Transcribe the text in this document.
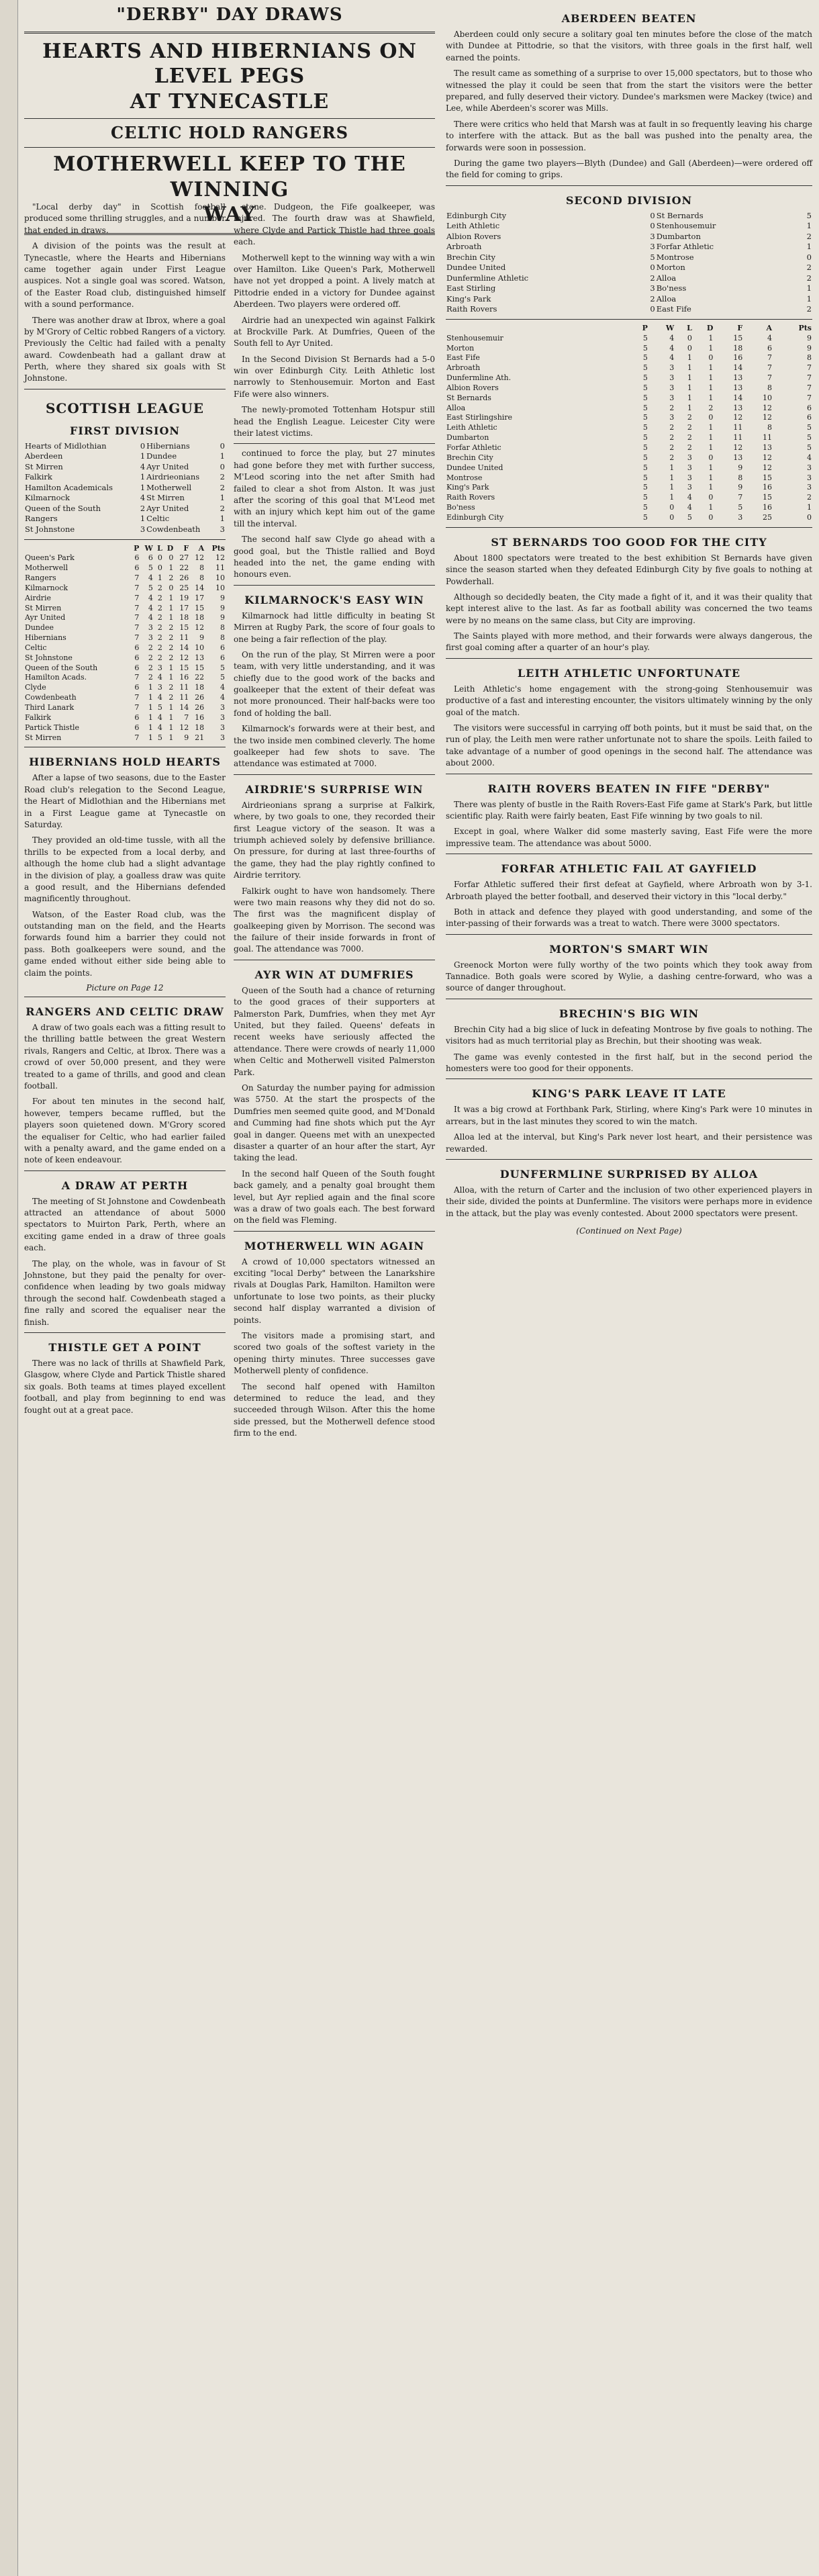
"DERBY" DAY DRAWS
HEARTS AND HIBERNIANS ON LEVEL PEGS
AT TYNECASTLE
CELTIC HOLD RANGERS
MOTHERWELL KEEP TO THE WINNING
WAY

"Local derby day" in Scottish football produced some thrilling struggles, and a number that ended in draws.

A division of the points was the result at Tynecastle, where the Hearts and Hibernians came together again under First League auspices. Not a single goal was scored. Watson, of the Easter Road club, distinguished himself with a sound performance.

There was another draw at Ibrox, where a goal by M'Grory of Celtic robbed Rangers of a victory. Previously the Celtic had failed with a penalty award. Cowdenbeath had a gallant draw at Perth, where they shared six goals with St Johnstone.

SCOTTISH LEAGUE
FIRST DIVISION
Hearts of Midlothian	0	Hibernians	0
Aberdeen	1	Dundee	1
St Mirren	4	Ayr United	0
Falkirk	1	Airdrieonians	2
Hamilton Academicals	1	Motherwell	2
Kilmarnock	4	St Mirren	1
Queen of the South	2	Ayr United	2
Rangers	1	Celtic	1
St Johnstone	3	Cowdenbeath	3
	P	W	L	D	F	A	Pts
Queen's Park	6	6	0	0	27	12	12
Motherwell	6	5	0	1	22	8	11
Rangers	7	4	1	2	26	8	10
Kilmarnock	7	5	2	0	25	14	10
Airdrie	7	4	2	1	19	17	9
St Mirren	7	4	2	1	17	15	9
Ayr United	7	4	2	1	18	18	9
Dundee	7	3	2	2	15	12	8
Hibernians	7	3	2	2	11	9	8
Celtic	6	2	2	2	14	10	6
St Johnstone	6	2	2	2	12	13	6
Queen of the South	6	2	3	1	15	15	5
Hamilton Acads.	7	2	4	1	16	22	5
Clyde	6	1	3	2	11	18	4
Cowdenbeath	7	1	4	2	11	26	4
Third Lanark	7	1	5	1	14	26	3
Falkirk	6	1	4	1	7	16	3
Partick Thistle	6	1	4	1	12	18	3
St Mirren	7	1	5	1	9	21	3
HIBERNIANS HOLD HEARTS

After a lapse of two seasons, due to the Easter Road club's relegation to the Second League, the Heart of Midlothian and the Hibernians met in a First League game at Tynecastle on Saturday.

They provided an old-time tussle, with all the thrills to be expected from a local derby, and although the home club had a slight advantage in the division of play, a goalless draw was quite a good result, and the Hibernians defended magnificently throughout.

Watson, of the Easter Road club, was the outstanding man on the field, and the Hearts forwards found him a barrier they could not pass. Both goalkeepers were sound, and the game ended without either side being able to claim the points.

Picture on Page 12
RANGERS AND CELTIC DRAW

A draw of two goals each was a fitting result to the thrilling battle between the great Western rivals, Rangers and Celtic, at Ibrox. There was a crowd of over 50,000 present, and they were treated to a game of thrills, and good and clean football.

For about ten minutes in the second half, however, tempers became ruffled, but the players soon quietened down. M'Grory scored the equaliser for Celtic, who had earlier failed with a penalty award, and the game ended on a note of keen endeavour.

A DRAW AT PERTH

The meeting of St Johnstone and Cowdenbeath attracted an attendance of about 5000 spectators to Muirton Park, Perth, where an exciting game ended in a draw of three goals each.

The play, on the whole, was in favour of St Johnstone, but they paid the penalty for over-confidence when leading by two goals midway through the second half. Cowdenbeath staged a fine rally and scored the equaliser near the finish.

THISTLE GET A POINT

There was no lack of thrills at Shawfield Park, Glasgow, where Clyde and Partick Thistle shared six goals. Both teams at times played excellent football, and play from beginning to end was fought out at a great pace.

stone. Dudgeon, the Fife goalkeeper, was injured. The fourth draw was at Shawfield, where Clyde and Partick Thistle had three goals each.

Motherwell kept to the winning way with a win over Hamilton. Like Queen's Park, Motherwell have not yet dropped a point. A lively match at Pittodrie ended in a victory for Dundee against Aberdeen. Two players were ordered off.

Airdrie had an unexpected win against Falkirk at Brockville Park. At Dumfries, Queen of the South fell to Ayr United.

In the Second Division St Bernards had a 5-0 win over Edinburgh City. Leith Athletic lost narrowly to Stenhousemuir. Morton and East Fife were also winners.

The newly-promoted Tottenham Hotspur still head the English League. Leicester City were their latest victims.

continued to force the play, but 27 minutes had gone before they met with further success, M'Leod scoring into the net after Smith had failed to clear a shot from Alston. It was just after the scoring of this goal that M'Leod met with an injury which kept him out of the game till the interval.

The second half saw Clyde go ahead with a good goal, but the Thistle rallied and Boyd headed into the net, the game ending with honours even.

KILMARNOCK'S EASY WIN

Kilmarnock had little difficulty in beating St Mirren at Rugby Park, the score of four goals to one being a fair reflection of the play.

On the run of the play, St Mirren were a poor team, with very little understanding, and it was chiefly due to the good work of the backs and goalkeeper that the extent of their defeat was not more pronounced. Their half-backs were too fond of holding the ball.

Kilmarnock's forwards were at their best, and the two inside men combined cleverly. The home goalkeeper had few shots to save. The attendance was estimated at 7000.

AIRDRIE'S SURPRISE WIN

Airdrieonians sprang a surprise at Falkirk, where, by two goals to one, they recorded their first League victory of the season. It was a triumph achieved solely by defensive brilliance. On pressure, for during at last three-fourths of the game, they had the play rightly confined to Airdrie territory.

Falkirk ought to have won handsomely. There were two main reasons why they did not do so. The first was the magnificent display of goalkeeping given by Morrison. The second was the failure of their inside forwards in front of goal. The attendance was 7000.

AYR WIN AT DUMFRIES

Queen of the South had a chance of returning to the good graces of their supporters at Palmerston Park, Dumfries, when they met Ayr United, but they failed. Queens' defeats in recent weeks have seriously affected the attendance. There were crowds of nearly 11,000 when Celtic and Motherwell visited Palmerston Park.

On Saturday the number paying for admission was 5750. At the start the prospects of the Dumfries men seemed quite good, and M'Donald and Cumming had fine shots which put the Ayr goal in danger. Queens met with an unexpected disaster a quarter of an hour after the start, Ayr taking the lead.

In the second half Queen of the South fought back gamely, and a penalty goal brought them level, but Ayr replied again and the final score was a draw of two goals each. The best forward on the field was Fleming.

MOTHERWELL WIN AGAIN

A crowd of 10,000 spectators witnessed an exciting "local Derby" between the Lanarkshire rivals at Douglas Park, Hamilton. Hamilton were unfortunate to lose two points, as their plucky second half display warranted a division of points.

The visitors made a promising start, and scored two goals of the softest variety in the opening thirty minutes. Three successes gave Motherwell plenty of confidence.

The second half opened with Hamilton determined to reduce the lead, and they succeeded through Wilson. After this the home side pressed, but the Motherwell defence stood firm to the end.

ABERDEEN BEATEN

Aberdeen could only secure a solitary goal ten minutes before the close of the match with Dundee at Pittodrie, so that the visitors, with three goals in the first half, well earned the points.

The result came as something of a surprise to over 15,000 spectators, but to those who witnessed the play it could be seen that from the start the visitors were the better prepared, and fully deserved their victory. Dundee's marksmen were Mackey (twice) and Lee, while Aberdeen's scorer was Mills.

There were critics who held that Marsh was at fault in so frequently leaving his charge to interfere with the attack. But as the ball was pushed into the penalty area, the forwards were soon in possession.

During the game two players—Blyth (Dundee) and Gall (Aberdeen)—were ordered off the field for coming to grips.

SECOND DIVISION
Edinburgh City	0	St Bernards	5
Leith Athletic	0	Stenhousemuir	1
Albion Rovers	3	Dumbarton	2
Arbroath	3	Forfar Athletic	1
Brechin City	5	Montrose	0
Dundee United	0	Morton	2
Dunfermline Athletic	2	Alloa	2
East Stirling	3	Bo'ness	1
King's Park	2	Alloa	1
Raith Rovers	0	East Fife	2
	P	W	L	D	F	A	Pts
Stenhousemuir	5	4	0	1	15	4	9
Morton	5	4	0	1	18	6	9
East Fife	5	4	1	0	16	7	8
Arbroath	5	3	1	1	14	7	7
Dunfermline Ath.	5	3	1	1	13	7	7
Albion Rovers	5	3	1	1	13	8	7
St Bernards	5	3	1	1	14	10	7
Alloa	5	2	1	2	13	12	6
East Stirlingshire	5	3	2	0	12	12	6
Leith Athletic	5	2	2	1	11	8	5
Dumbarton	5	2	2	1	11	11	5
Forfar Athletic	5	2	2	1	12	13	5
Brechin City	5	2	3	0	13	12	4
Dundee United	5	1	3	1	9	12	3
Montrose	5	1	3	1	8	15	3
King's Park	5	1	3	1	9	16	3
Raith Rovers	5	1	4	0	7	15	2
Bo'ness	5	0	4	1	5	16	1
Edinburgh City	5	0	5	0	3	25	0
ST BERNARDS TOO GOOD FOR THE CITY

About 1800 spectators were treated to the best exhibition St Bernards have given since the season started when they defeated Edinburgh City by five goals to nothing at Powderhall.

Although so decidedly beaten, the City made a fight of it, and it was their quality that kept interest alive to the last. As far as football ability was concerned the two teams were by no means on the same class, but City are improving.

The Saints played with more method, and their forwards were always dangerous, the first goal coming after a quarter of an hour's play.

LEITH ATHLETIC UNFORTUNATE

Leith Athletic's home engagement with the strong-going Stenhousemuir was productive of a fast and interesting encounter, the visitors ultimately winning by the only goal of the match.

The visitors were successful in carrying off both points, but it must be said that, on the run of play, the Leith men were rather unfortunate not to share the spoils. Leith failed to take advantage of a number of good openings in the second half. The attendance was about 2000.

RAITH ROVERS BEATEN IN FIFE "DERBY"

There was plenty of bustle in the Raith Rovers-East Fife game at Stark's Park, but little scientific play. Raith were fairly beaten, East Fife winning by two goals to nil.

Except in goal, where Walker did some masterly saving, East Fife were the more impressive team. The attendance was about 5000.

FORFAR ATHLETIC FAIL AT GAYFIELD

Forfar Athletic suffered their first defeat at Gayfield, where Arbroath won by 3-1. Arbroath played the better football, and deserved their victory in this "local derby."

Both in attack and defence they played with good understanding, and some of the inter-passing of their forwards was a treat to watch. There were 3000 spectators.

MORTON'S SMART WIN

Greenock Morton were fully worthy of the two points which they took away from Tannadice. Both goals were scored by Wylie, a dashing centre-forward, who was a source of danger throughout.

BRECHIN'S BIG WIN

Brechin City had a big slice of luck in defeating Montrose by five goals to nothing. The visitors had as much territorial play as Brechin, but their shooting was weak.

The game was evenly contested in the first half, but in the second period the homesters were too good for their opponents.

KING'S PARK LEAVE IT LATE

It was a big crowd at Forthbank Park, Stirling, where King's Park were 10 minutes in arrears, but in the last minutes they scored to win the match.

Alloa led at the interval, but King's Park never lost heart, and their persistence was rewarded.

DUNFERMLINE SURPRISED BY ALLOA

Alloa, with the return of Carter and the inclusion of two other experienced players in their side, divided the points at Dunfermline. The visitors were perhaps more in evidence in the attack, but the play was evenly contested. About 2000 spectators were present.

(Continued on Next Page)
